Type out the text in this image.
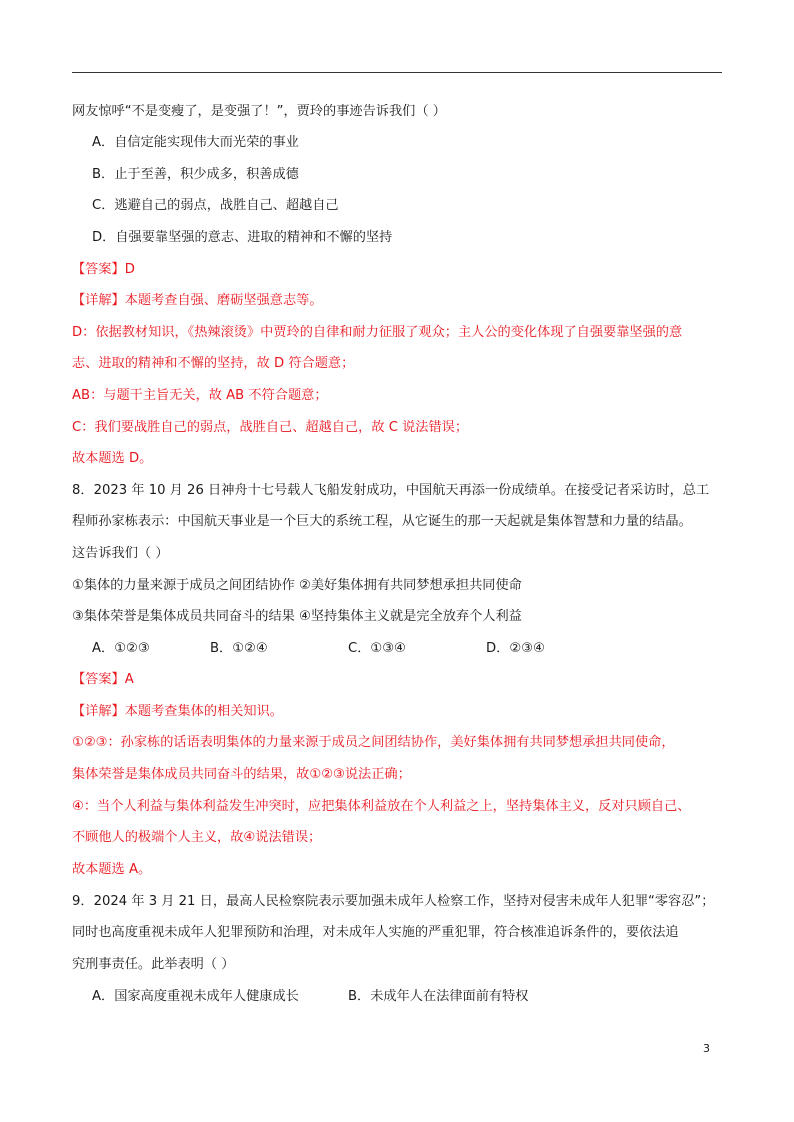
网友惊呼“不是变瘦了，是变强了！”，贾玲的事迹告诉我们（ ）
A．自信定能实现伟大而光荣的事业
B．止于至善，积少成多，积善成德
C．逃避自己的弱点，战胜自己、超越自己
D．自强要靠坚强的意志、进取的精神和不懈的坚持
【答案】D
【详解】本题考查自强、磨砺坚强意志等。
D：依据教材知识，《热辣滚烫》中贾玲的自律和耐力征服了观众；主人公的变化体现了自强要靠坚强的意
志、进取的精神和不懈的坚持，故 D 符合题意；
AB：与题干主旨无关，故 AB 不符合题意；
C：我们要战胜自己的弱点，战胜自己、超越自己，故 C 说法错误；
故本题选 D。
8．2023 年 10 月 26 日神舟十七号载人飞船发射成功，中国航天再添一份成绩单。在接受记者采访时，总工
程师孙家栋表示：中国航天事业是一个巨大的系统工程，从它诞生的那一天起就是集体智慧和力量的结晶。
这告诉我们（ ）
①集体的力量来源于成员之间团结协作 ②美好集体拥有共同梦想承担共同使命
③集体荣誉是集体成员共同奋斗的结果 ④坚持集体主义就是完全放弃个人利益
A．①②③	B．①②④	C．①③④	D．②③④
【答案】A
【详解】本题考查集体的相关知识。
①②③：孙家栋的话语表明集体的力量来源于成员之间团结协作，美好集体拥有共同梦想承担共同使命，
集体荣誉是集体成员共同奋斗的结果，故①②③说法正确；
④：当个人利益与集体利益发生冲突时，应把集体利益放在个人利益之上，坚持集体主义，反对只顾自己、
不顾他人的极端个人主义，故④说法错误；
故本题选 A。
9．2024 年 3 月 21 日，最高人民检察院表示要加强未成年人检察工作，坚持对侵害未成年人犯罪“零容忍”；
同时也高度重视未成年人犯罪预防和治理，对未成年人实施的严重犯罪，符合核准追诉条件的，要依法追
究刑事责任。此举表明（ ）
A．国家高度重视未成年人健康成长	B．未成年人在法律面前有特权
3
